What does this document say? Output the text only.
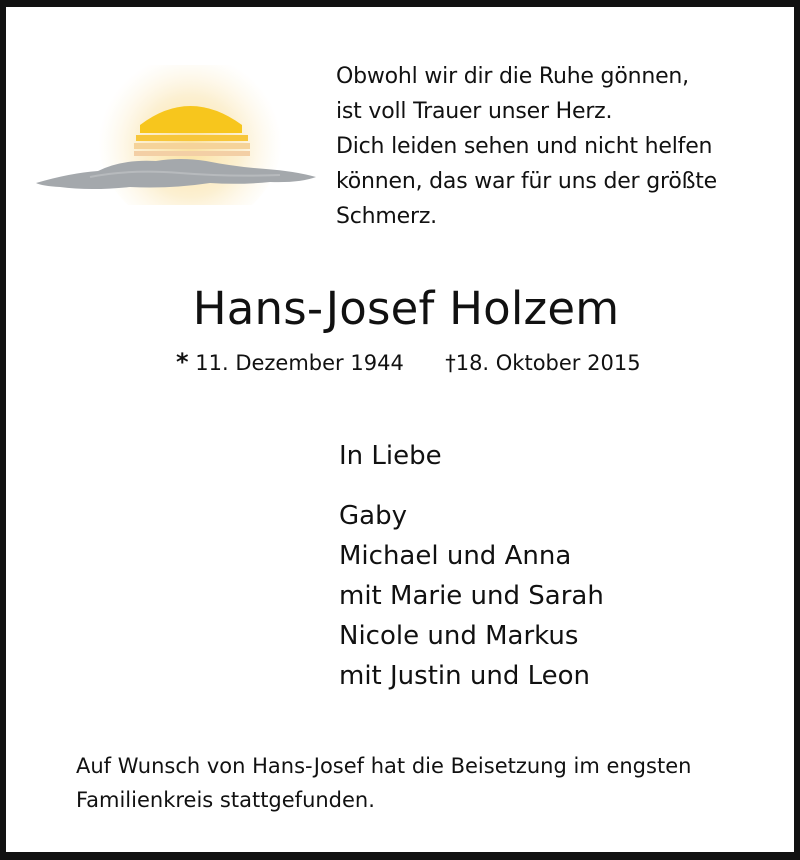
Obwohl wir dir die Ruhe gönnen,
ist voll Trauer unser Herz.
Dich leiden sehen und nicht helfen
können, das war für uns der größte
Schmerz.
Hans-Josef Holzem
* 11. Dezember 1944 †18. Oktober 2015
In Liebe
Gaby
Michael und Anna
mit Marie und Sarah
Nicole und Markus
mit Justin und Leon
Auf Wunsch von Hans-Josef hat die Beisetzung im engsten
Familienkreis stattgefunden.
